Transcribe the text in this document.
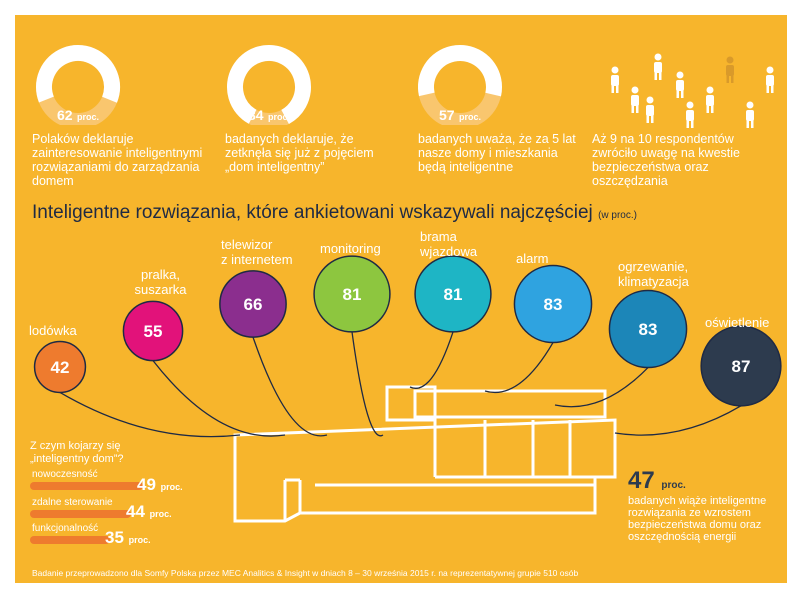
62 proc.	84 proc.	57 proc.
Polaków deklaruje zainteresowanie inteligentnymi rozwiązaniami do zarządzania domem
badanych deklaruje, że zetknęła się już z pojęciem „dom inteligentny”
badanych uważa, że za 5 lat nasze domy i mieszkania będą inteligentne
Aż 9 na 10 respondentów zwróciło uwagę na kwestie bezpieczeństwa oraz oszczędzania
Inteligentne rozwiązania, które ankietowani wskazywali najczęściej (w proc.)
42
55
66
81	81
83
83
87
lodówka
pralka,
suszarka
telewizor
z internetem
monitoring
brama
wjazdowa	alarm
ogrzewanie,
klimatyzacja
oświetlenie
Z czym kojarzy się „inteligentny dom”?
nowoczesność
49 proc.
zdalne sterowanie 44 proc.
funkcjonalność 35 proc.
47 proc.
badanych wiąże inteligentne rozwiązania ze wzrostem bezpieczeństwa domu oraz oszczędnością energii
Badanie przeprowadzono dla Somfy Polska przez MEC Analitics & Insight w dniach 8 – 30 września 2015 r. na reprezentatywnej grupie 510 osób
